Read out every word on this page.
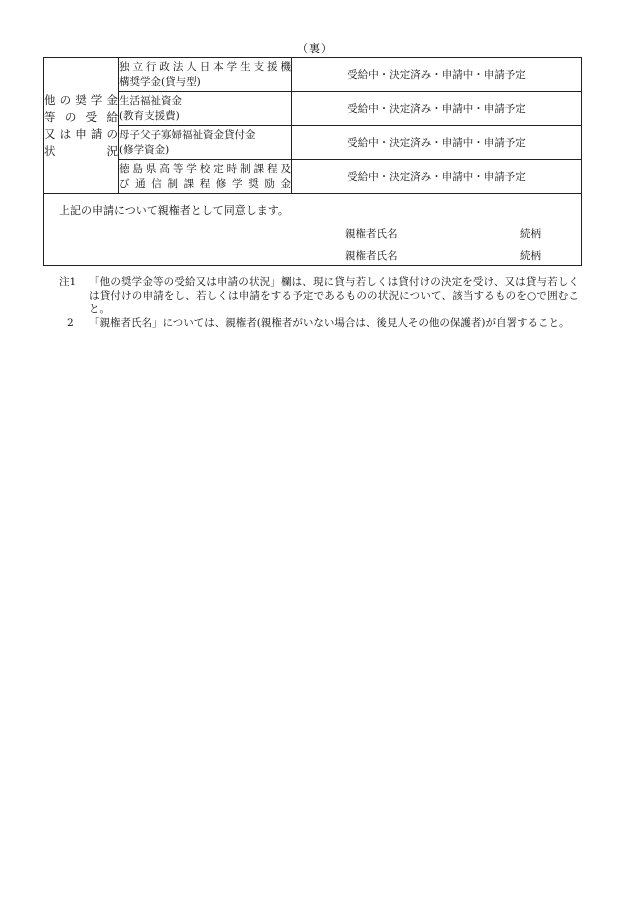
（裏）
他の奨学金
等の受給
又は申請の
状　　況	独立行政法人日本学生支援機
構奨学金(貸与型)	受給中・決定済み・申請中・申請予定

	生活福祉資金
(教育支援費)	受給中・決定済み・申請中・申請予定

	母子父子寡婦福祉資金貸付金
(修学資金)	受給中・決定済み・申請中・申請予定

	徳島県高等学校定時制課程及
び通信制課程修学奨励金	受給中・決定済み・申請中・申請予定

上記の申請について親権者として同意します。
親権者氏名 続柄
親権者氏名 続柄		
注1	「他の奨学金等の受給又は申請の状況」欄は、現に貸与若しくは貸付けの決定を受け、又は貸与若しくは貸付けの申請をし、若しくは申請をする予定であるものの状況について、該当するものを○で囲むこと。
2	「親権者氏名」については、親権者(親権者がいない場合は、後見人その他の保護者)が自署すること。
